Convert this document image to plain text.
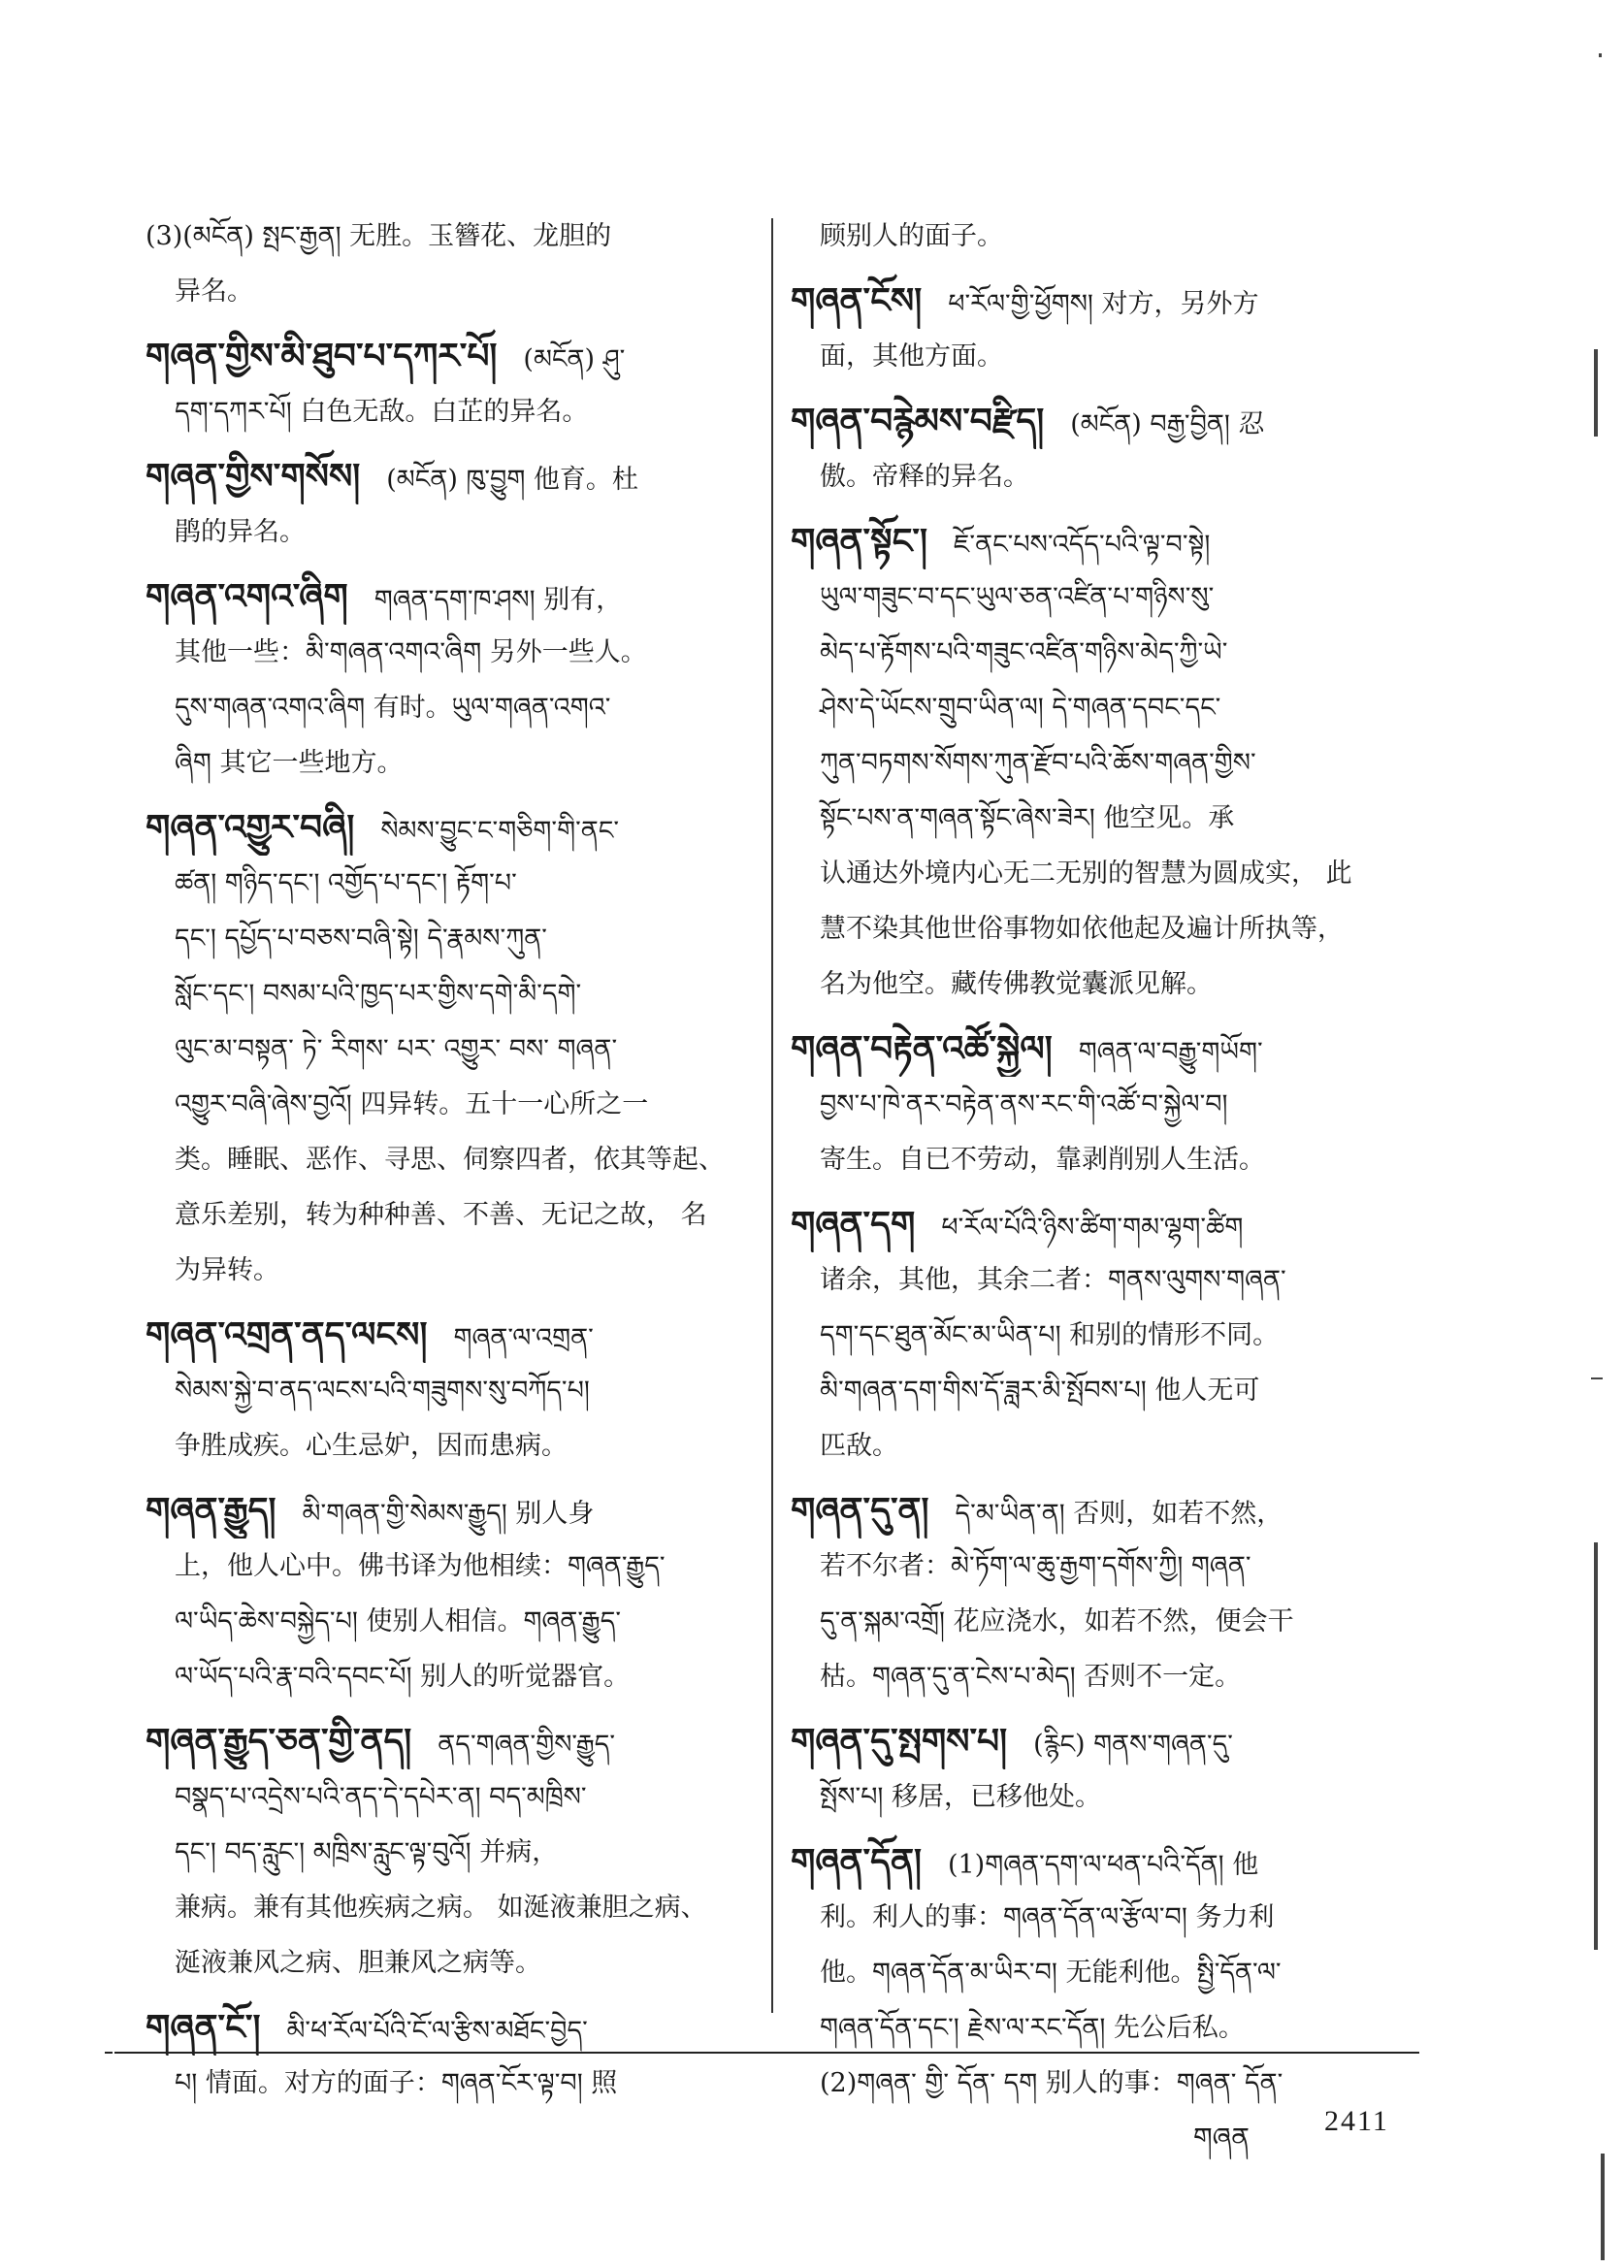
(3)(མངོན) སྤང་རྒྱན། 无胜。玉簪花、龙胆的
异名。
གཞན་གྱིས་མི་ཐུབ་པ་དཀར་པོ།  (མངོན) ཤུ་
དག་དཀར་པོ། 白色无敌。白芷的异名。
གཞན་གྱིས་གསོས།  (མངོན) ཁུ་བྱུག 他育。杜
鹃的异名。
གཞན་འགའ་ཞིག  གཞན་དག་ཁ་ཤས། 别有，
其他一些：མི་གཞན་འགའ་ཞིག 另外一些人。
དུས་གཞན་འགའ་ཞིག 有时。ཡུལ་གཞན་འགའ་
ཞིག 其它一些地方。
གཞན་འགྱུར་བཞི།  སེམས་བྱུང་ང་གཅིག་གི་ནང་
ཚན། གཉིད་དང་། འགྱོད་པ་དང་། རྟོག་པ་
དང་། དཔྱོད་པ་བཅས་བཞི་སྟེ། དེ་རྣམས་ཀུན་
སློང་དང་། བསམ་པའི་ཁྱད་པར་གྱིས་དགེ་མི་དགེ་
ལུང་མ་བསྟན་ ཏེ་ རིགས་ པར་ འགྱུར་ བས་ གཞན་
འགྱུར་བཞི་ཞེས་བྱའོ། 四异转。五十一心所之一
类。睡眠、恶作、寻思、伺察四者，依其等起、
意乐差别，转为种种善、不善、无记之故， 名
为异转。
གཞན་འགྲན་ནད་ལངས།  གཞན་ལ་འགྲན་
སེམས་སྐྱེ་བ་ནད་ལངས་པའི་གཟུགས་སུ་བཀོད་པ།
争胜成疾。心生忌妒，因而患病。
གཞན་རྒྱུད།  མི་གཞན་གྱི་སེམས་རྒྱུད། 别人身
上，他人心中。佛书译为他相续：གཞན་རྒྱུད་
ལ་ཡིད་ཆེས་བསྐྱེད་པ། 使别人相信。གཞན་རྒྱུད་
ལ་ཡོད་པའི་རྣ་བའི་དབང་པོ། 别人的听觉器官。
གཞན་རྒྱུད་ཅན་གྱི་ནད།  ནད་གཞན་གྱིས་རྒྱུད་
བསྣད་པ་འདྲེས་པའི་ནད་དེ་དཔེར་ན། བད་མཁྲིས་
དང་། བད་རླུང་། མཁྲིས་རླུང་ལྟ་བུའོ། 并病，
兼病。兼有其他疾病之病。 如涎液兼胆之病、
涎液兼风之病、胆兼风之病等。
གཞན་ངོ་།  མི་ཕ་རོལ་པོའི་ངོ་ལ་རྩིས་མཐོང་བྱེད་
པ། 情面。对方的面子：གཞན་ངོར་ལྟ་བ། 照
顾别人的面子。
གཞན་ངོས།  ཕ་རོལ་གྱི་ཕྱོགས། 对方，另外方
面，其他方面。
གཞན་བརྙེམས་བརྫིད།  (མངོན) བརྒྱ་བྱིན། 忍
傲。帝释的异名。
གཞན་སྟོང་།  ཇོ་ནང་པས་འདོད་པའི་ལྟ་བ་སྟེ།
ཡུལ་གཟུང་བ་དང་ཡུལ་ཅན་འཛིན་པ་གཉིས་སུ་
མེད་པ་རྟོགས་པའི་གཟུང་འཛིན་གཉིས་མེད་ཀྱི་ཡེ་
ཤེས་དེ་ཡོངས་གྲུབ་ཡིན་ལ། དེ་གཞན་དབང་དང་
ཀུན་བཏགས་སོགས་ཀུན་རྫོབ་པའི་ཆོས་གཞན་གྱིས་
སྟོང་པས་ན་གཞན་སྟོང་ཞེས་ཟེར། 他空见。承
认通达外境内心无二无别的智慧为圆成实， 此
慧不染其他世俗事物如依他起及遍计所执等，
名为他空。藏传佛教觉囊派见解。
གཞན་བརྟེན་འཚོ་སྐྱེལ།  གཞན་ལ་བརྒྱུ་གཡོག་
བྱས་པ་ཁེ་ནར་བརྟེན་ནས་རང་གི་འཚོ་བ་སྐྱེལ་བ།
寄生。自已不劳动，靠剥削别人生活。
གཞན་དག  ཕ་རོལ་པོའི་ཉིས་ཚིག་གམ་ལྷག་ཚིག
诸余，其他，其余二者：གནས་ལུགས་གཞན་
དག་དང་ཐུན་མོང་མ་ཡིན་པ། 和别的情形不同。
མི་གཞན་དག་གིས་དོ་ཟླར་མི་སྤོབས་པ། 他人无可
匹敌。
གཞན་དུ་ན།  དེ་མ་ཡིན་ན། 否则，如若不然，
若不尔者：མེ་ཏོག་ལ་ཆུ་རྒྱག་དགོས་ཀྱི། གཞན་
དུ་ན་སྐམ་འགྲོ། 花应浇水，如若不然，便会干
枯。གཞན་དུ་ན་ངེས་པ་མེད། 否则不一定。
གཞན་དུ་སྤགས་པ།  (རྙིང) གནས་གཞན་དུ་
སྤོས་པ། 移居，已移他处。
གཞན་དོན།  (1)གཞན་དག་ལ་ཕན་པའི་དོན། 他
利。利人的事：གཞན་དོན་ལ་རྩོལ་བ། 务力利
他。གཞན་དོན་མ་ཡིར་བ། 无能利他。སྤྱི་དོན་ལ་
གཞན་དོན་དང་། རྗེས་ལ་རང་དོན། 先公后私。
(2)གཞན་ གྱི་ དོན་ དག 别人的事：གཞན་ དོན་
གཞན
2411
